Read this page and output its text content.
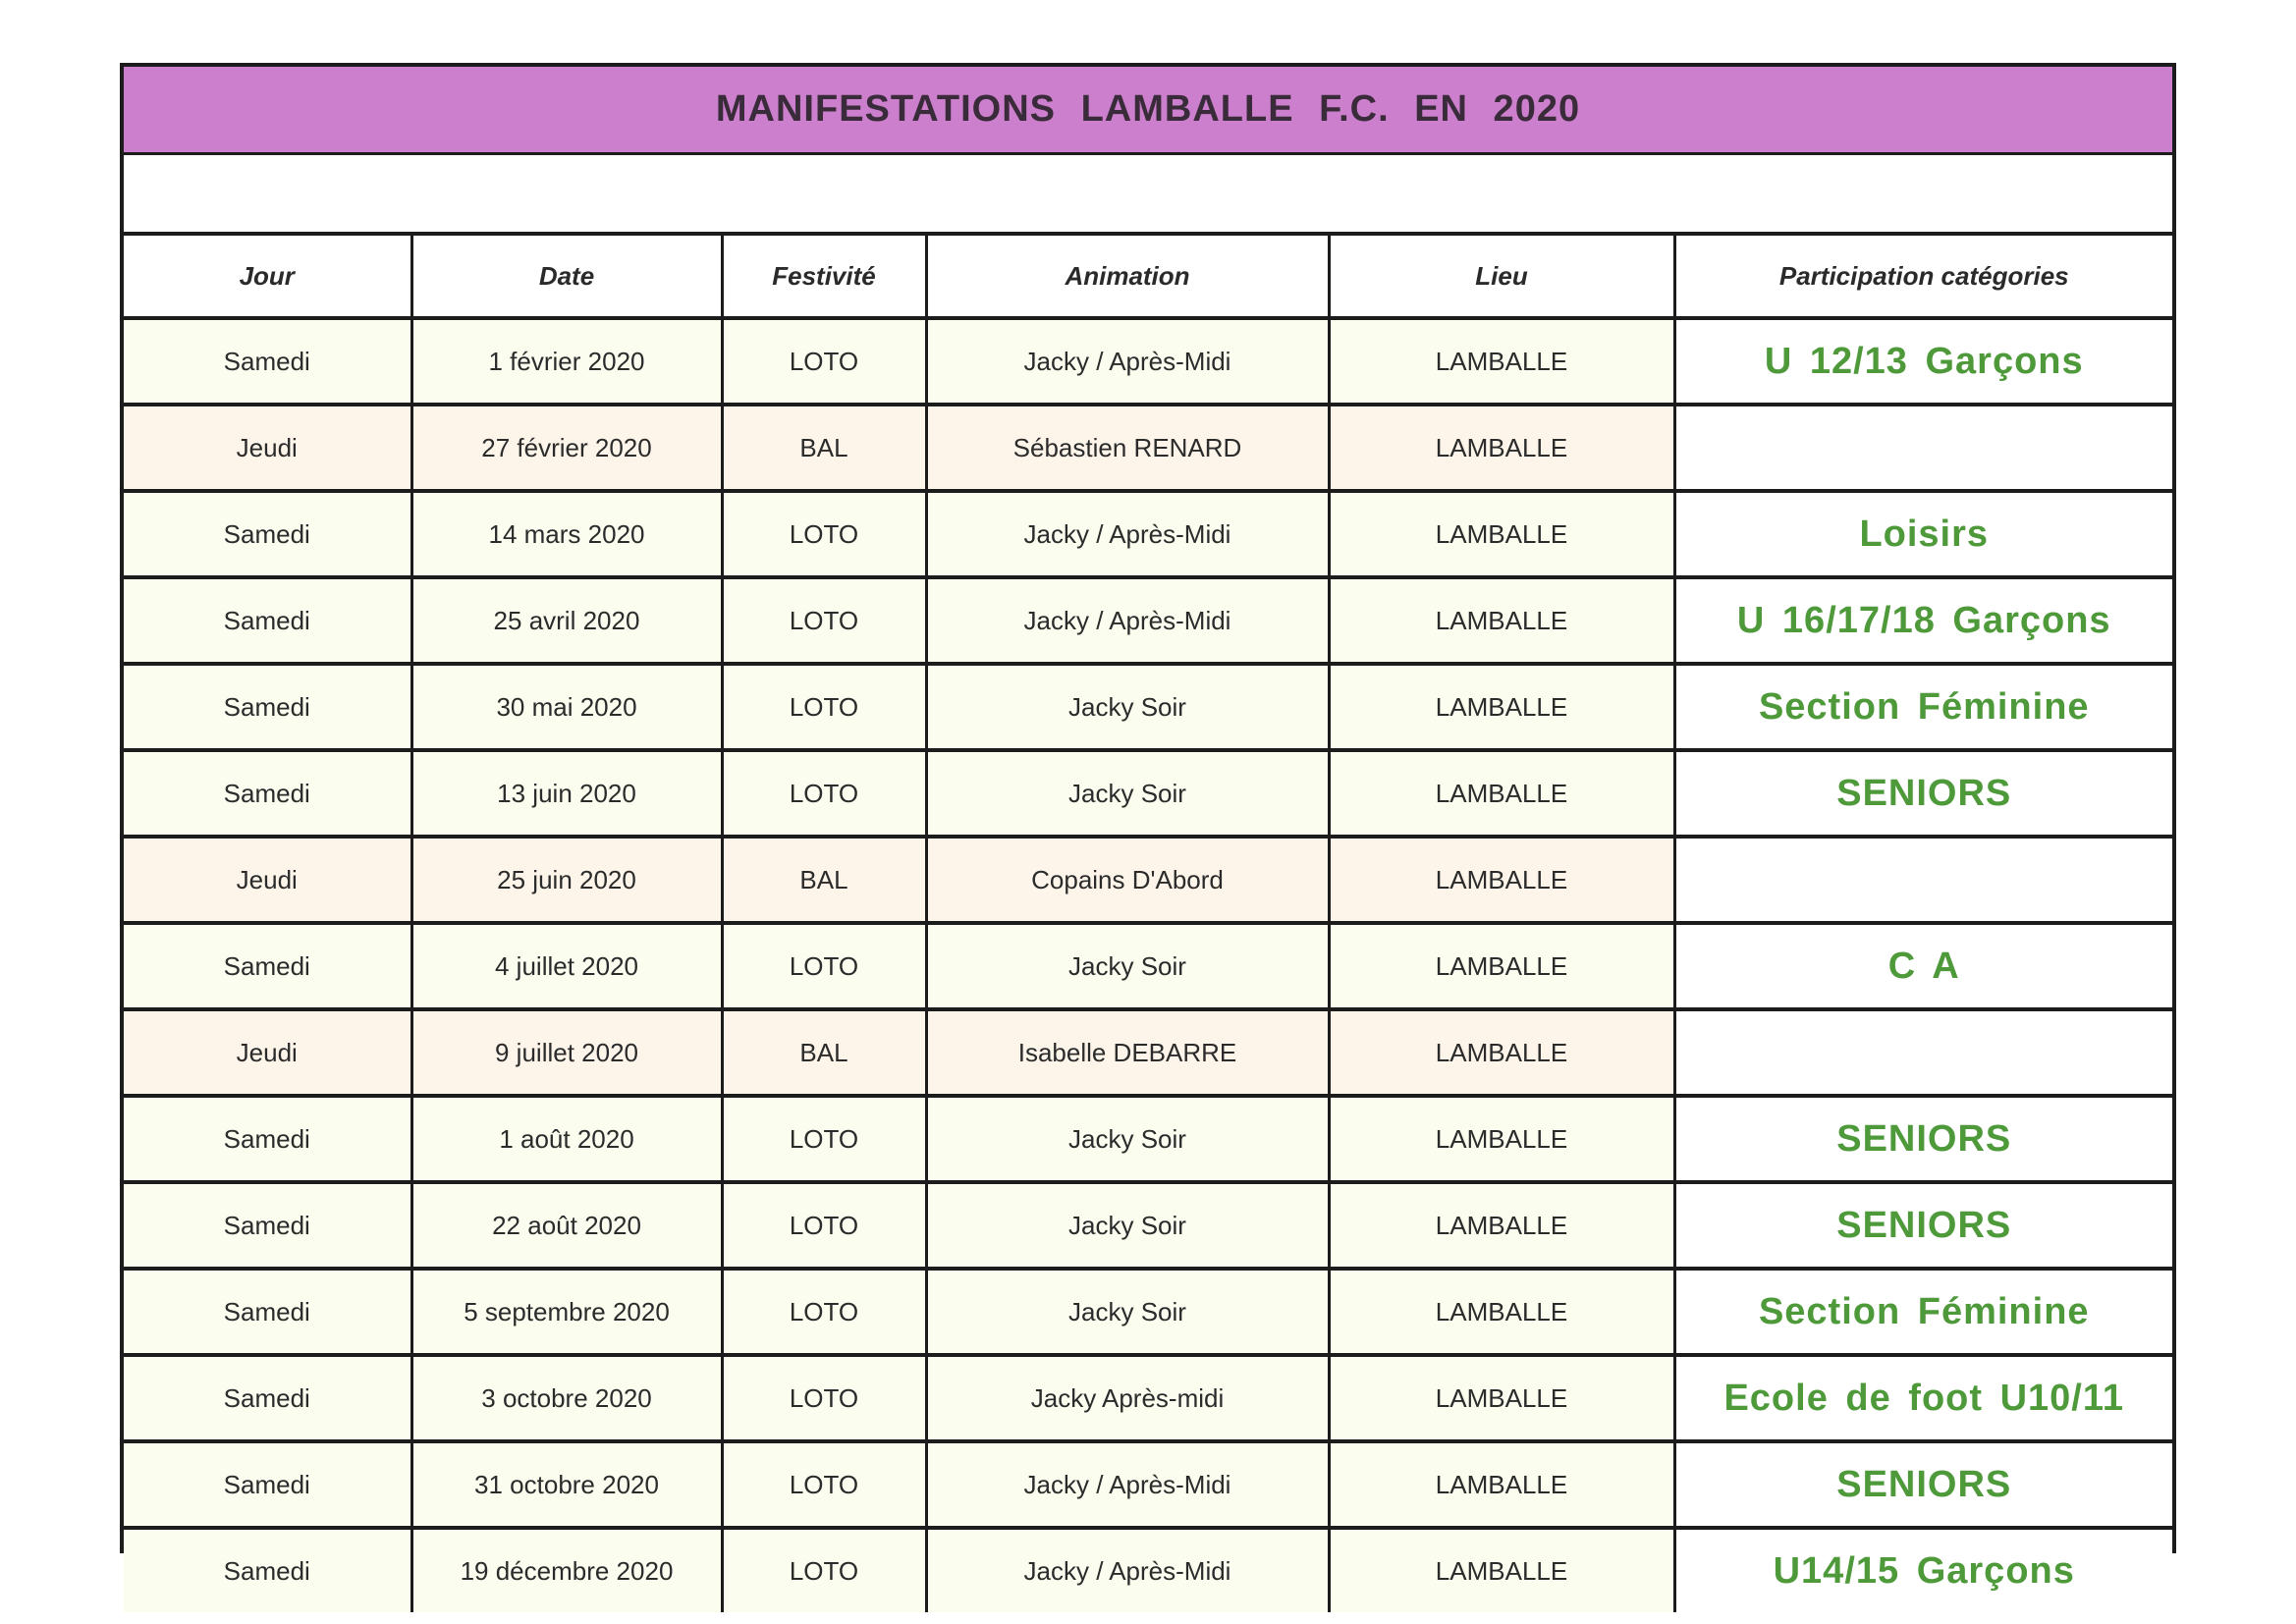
MANIFESTATIONS LAMBALLE F.C. EN 2020
Jour	Date	Festivité	Animation	Lieu	Participation catégories
Samedi	1 février 2020	LOTO	Jacky / Après-Midi	LAMBALLE	U 12/13 Garçons
Jeudi	27 février 2020	BAL	Sébastien RENARD	LAMBALLE	
Samedi	14 mars 2020	LOTO	Jacky / Après-Midi	LAMBALLE	Loisirs
Samedi	25 avril 2020	LOTO	Jacky / Après-Midi	LAMBALLE	U 16/17/18 Garçons
Samedi	30 mai 2020	LOTO	Jacky Soir	LAMBALLE	Section Féminine
Samedi	13 juin 2020	LOTO	Jacky Soir	LAMBALLE	SENIORS
Jeudi	25 juin 2020	BAL	Copains D'Abord	LAMBALLE	
Samedi	4 juillet 2020	LOTO	Jacky Soir	LAMBALLE	C A
Jeudi	9 juillet 2020	BAL	Isabelle DEBARRE	LAMBALLE	
Samedi	1 août 2020	LOTO	Jacky Soir	LAMBALLE	SENIORS
Samedi	22 août 2020	LOTO	Jacky Soir	LAMBALLE	SENIORS
Samedi	5 septembre 2020	LOTO	Jacky Soir	LAMBALLE	Section Féminine
Samedi	3 octobre 2020	LOTO	Jacky Après-midi	LAMBALLE	Ecole de foot U10/11
Samedi	31 octobre 2020	LOTO	Jacky / Après-Midi	LAMBALLE	SENIORS
Samedi	19 décembre 2020	LOTO	Jacky / Après-Midi	LAMBALLE	U14/15 Garçons
